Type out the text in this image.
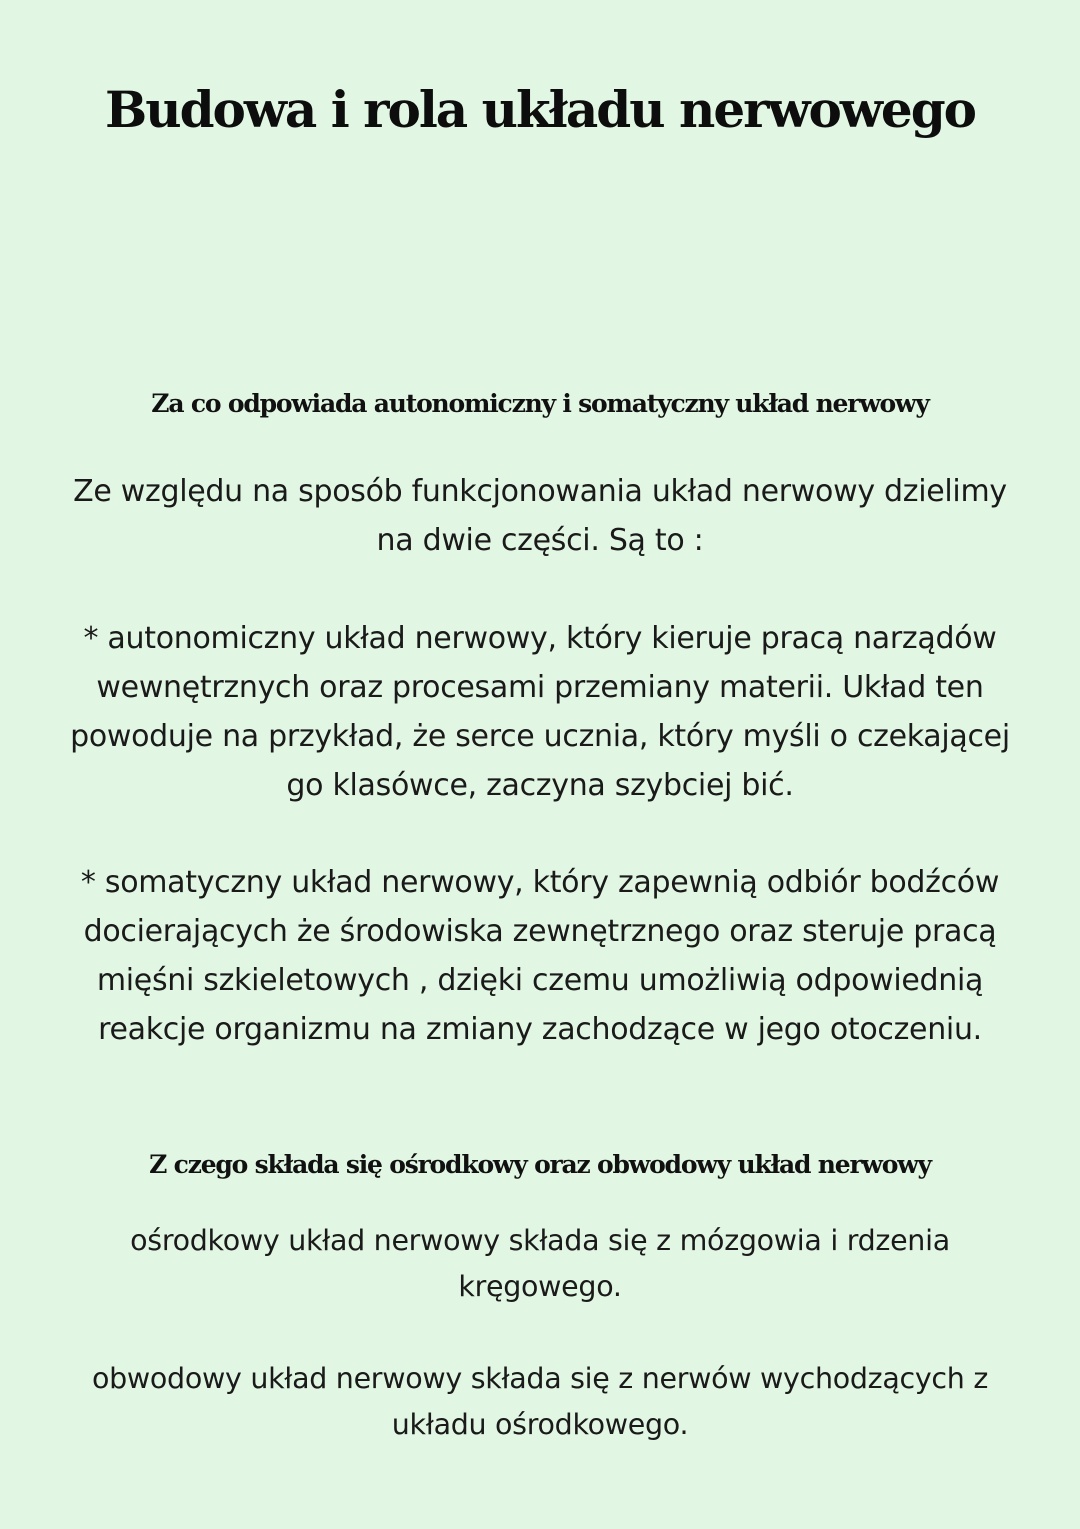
Budowa i rola układu nerwowego
Za co odpowiada autonomiczny i somatyczny układ nerwowy

Ze względu na sposób funkcjonowania układ nerwowy dzielimy
na dwie części. Są to :

* autonomiczny układ nerwowy, który kieruje pracą narządów
wewnętrznych oraz procesami przemiany materii. Układ ten
powoduje na przykład, że serce ucznia, który myśli o czekającej
go klasówce, zaczyna szybciej bić.

* somatyczny układ nerwowy, który zapewnią odbiór bodźców
docierających że środowiska zewnętrznego oraz steruje pracą
mięśni szkieletowych , dzięki czemu umożliwią odpowiednią
reakcje organizmu na zmiany zachodzące w jego otoczeniu.

Z czego składa się ośrodkowy oraz obwodowy układ nerwowy

ośrodkowy układ nerwowy składa się z mózgowia i rdzenia
kręgowego.

obwodowy układ nerwowy składa się z nerwów wychodzących z
układu ośrodkowego.
